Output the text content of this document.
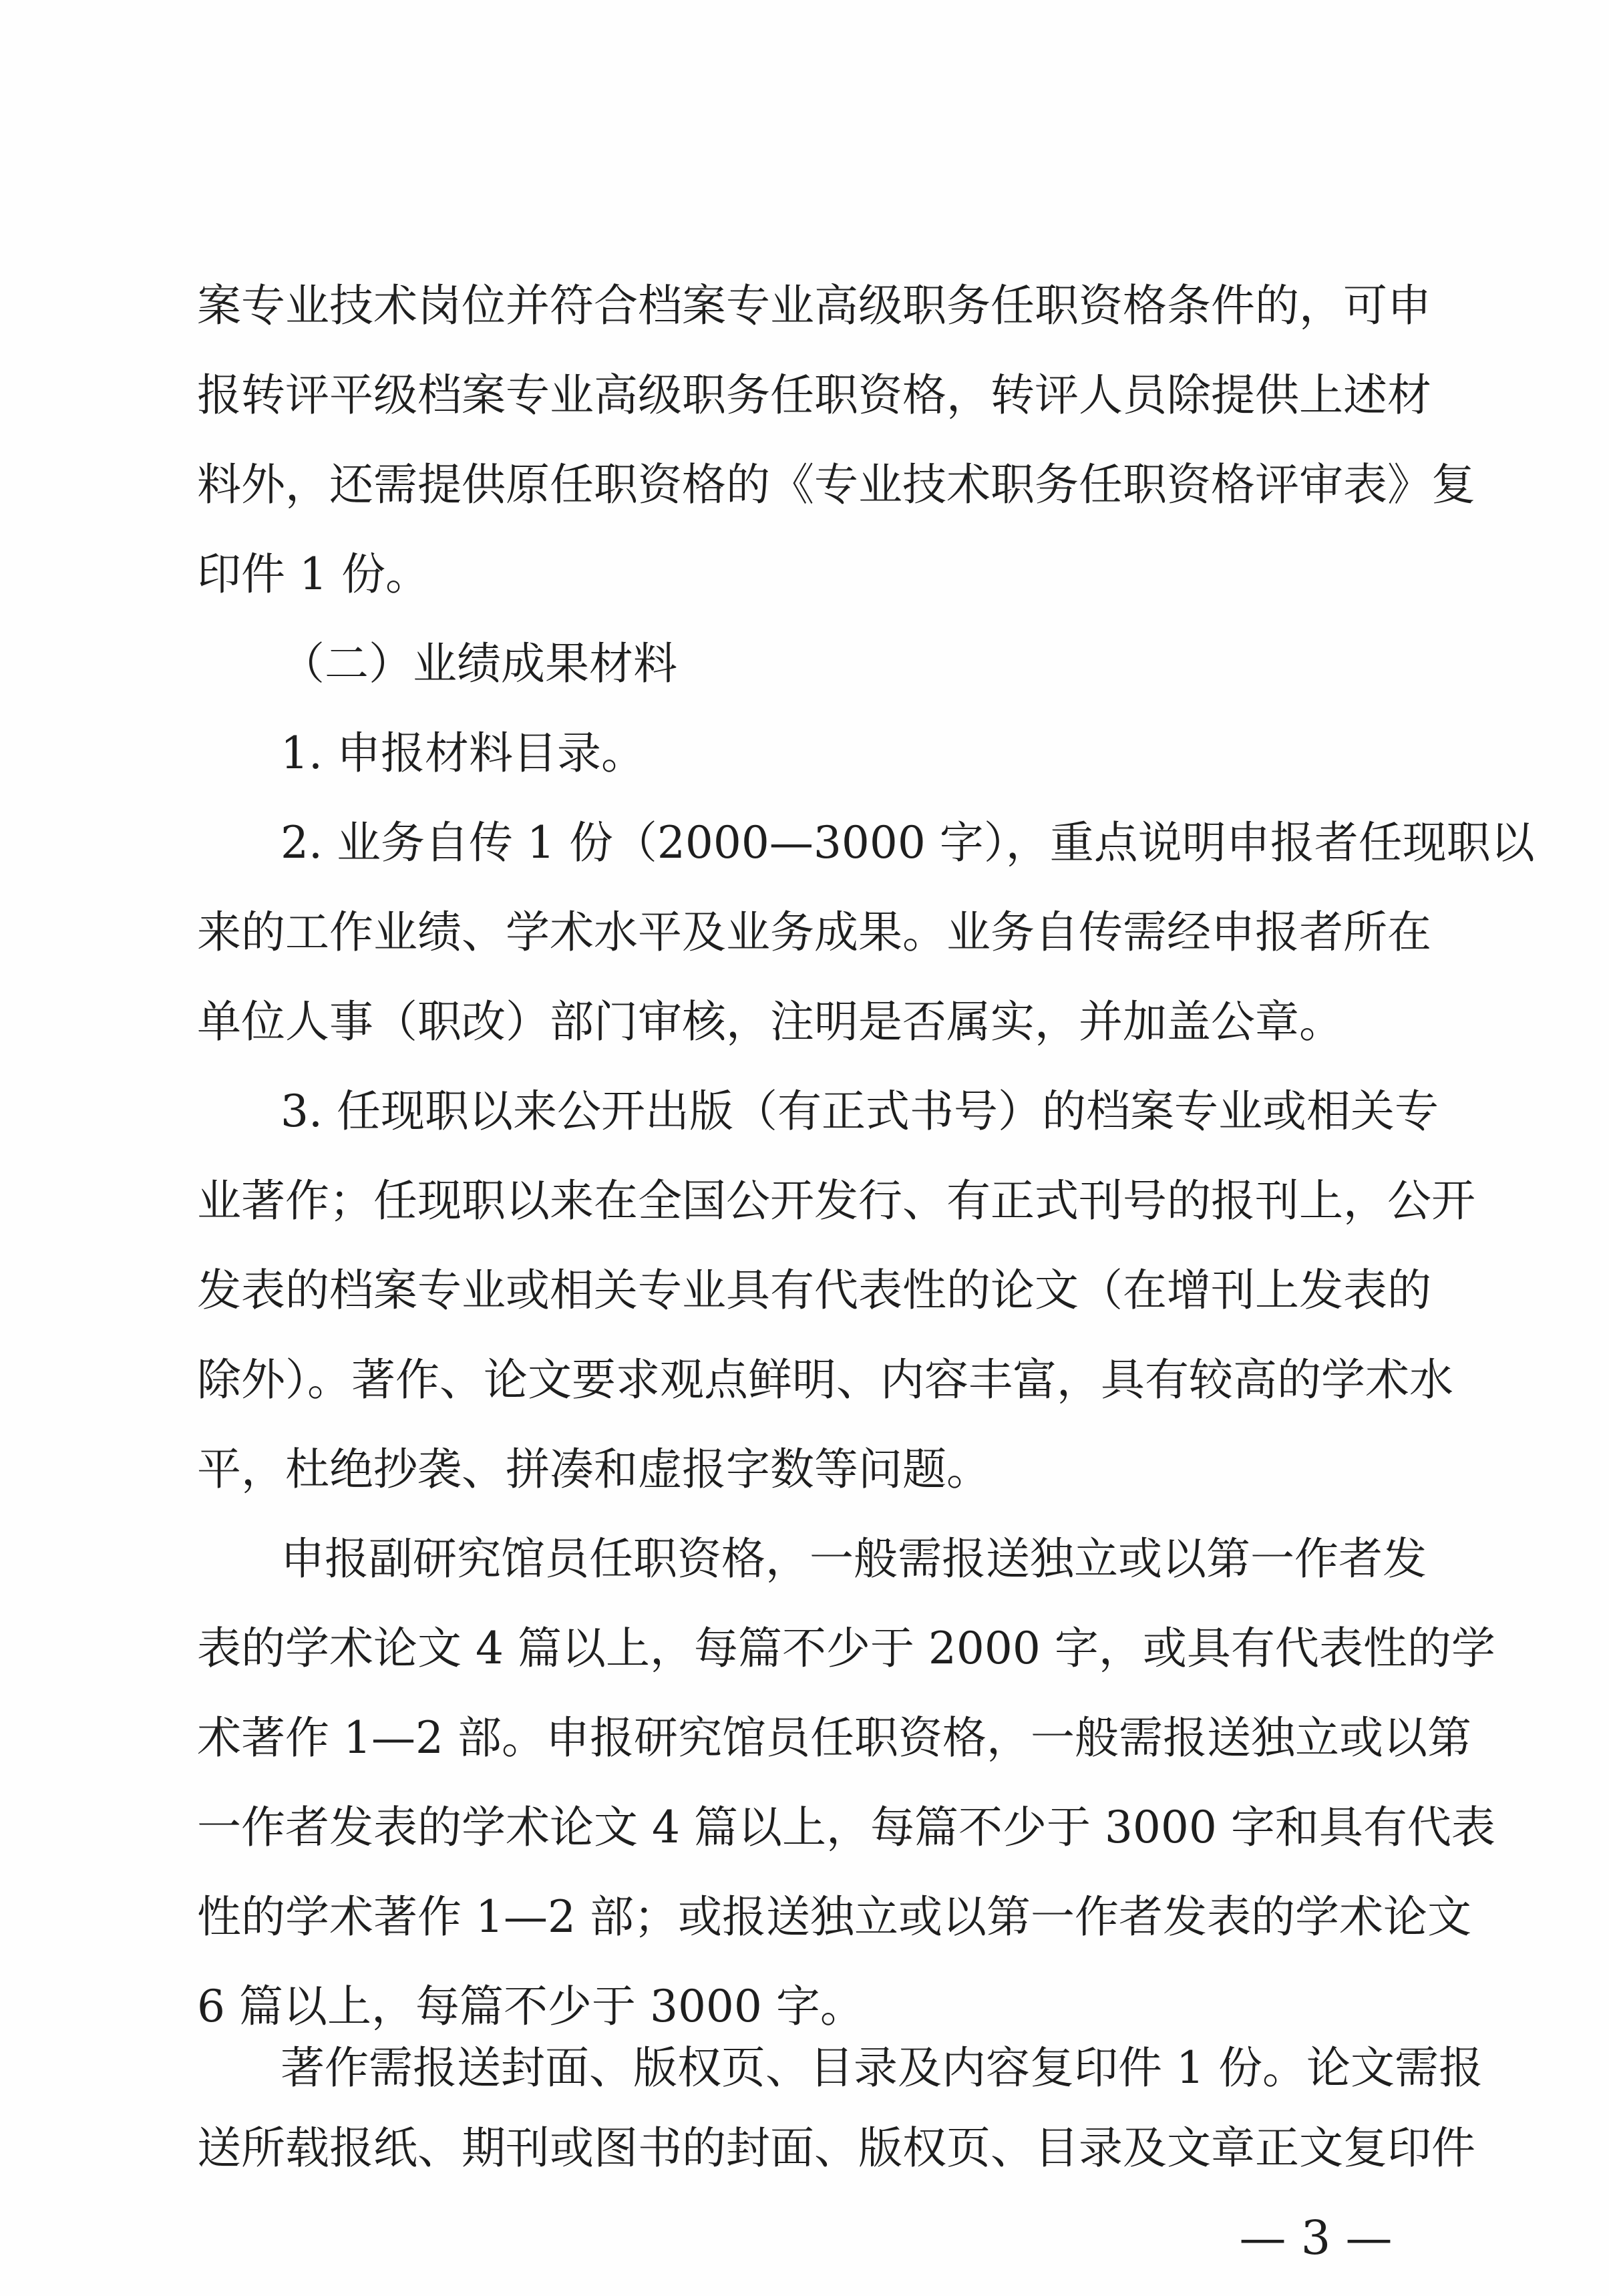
案专业技术岗位并符合档案专业高级职务任职资格条件的，可申
报转评平级档案专业高级职务任职资格，转评人员除提供上述材
料外，还需提供原任职资格的《专业技术职务任职资格评审表》复
印件 1 份。
（二）业绩成果材料
1. 申报材料目录。
2. 业务自传 1 份（2000—3000 字），重点说明申报者任现职以
来的工作业绩、学术水平及业务成果。业务自传需经申报者所在
单位人事（职改）部门审核，注明是否属实，并加盖公章。
3. 任现职以来公开出版（有正式书号）的档案专业或相关专
业著作；任现职以来在全国公开发行、有正式刊号的报刊上，公开
发表的档案专业或相关专业具有代表性的论文（在增刊上发表的
除外）。著作、论文要求观点鲜明、内容丰富，具有较高的学术水
平，杜绝抄袭、拼凑和虚报字数等问题。
申报副研究馆员任职资格，一般需报送独立或以第一作者发
表的学术论文 4 篇以上，每篇不少于 2000 字，或具有代表性的学
术著作 1—2 部。申报研究馆员任职资格，一般需报送独立或以第
一作者发表的学术论文 4 篇以上，每篇不少于 3000 字和具有代表
性的学术著作 1—2 部；或报送独立或以第一作者发表的学术论文
6 篇以上，每篇不少于 3000 字。
著作需报送封面、版权页、目录及内容复印件 1 份。论文需报
送所载报纸、期刊或图书的封面、版权页、目录及文章正文复印件
— 3 —
